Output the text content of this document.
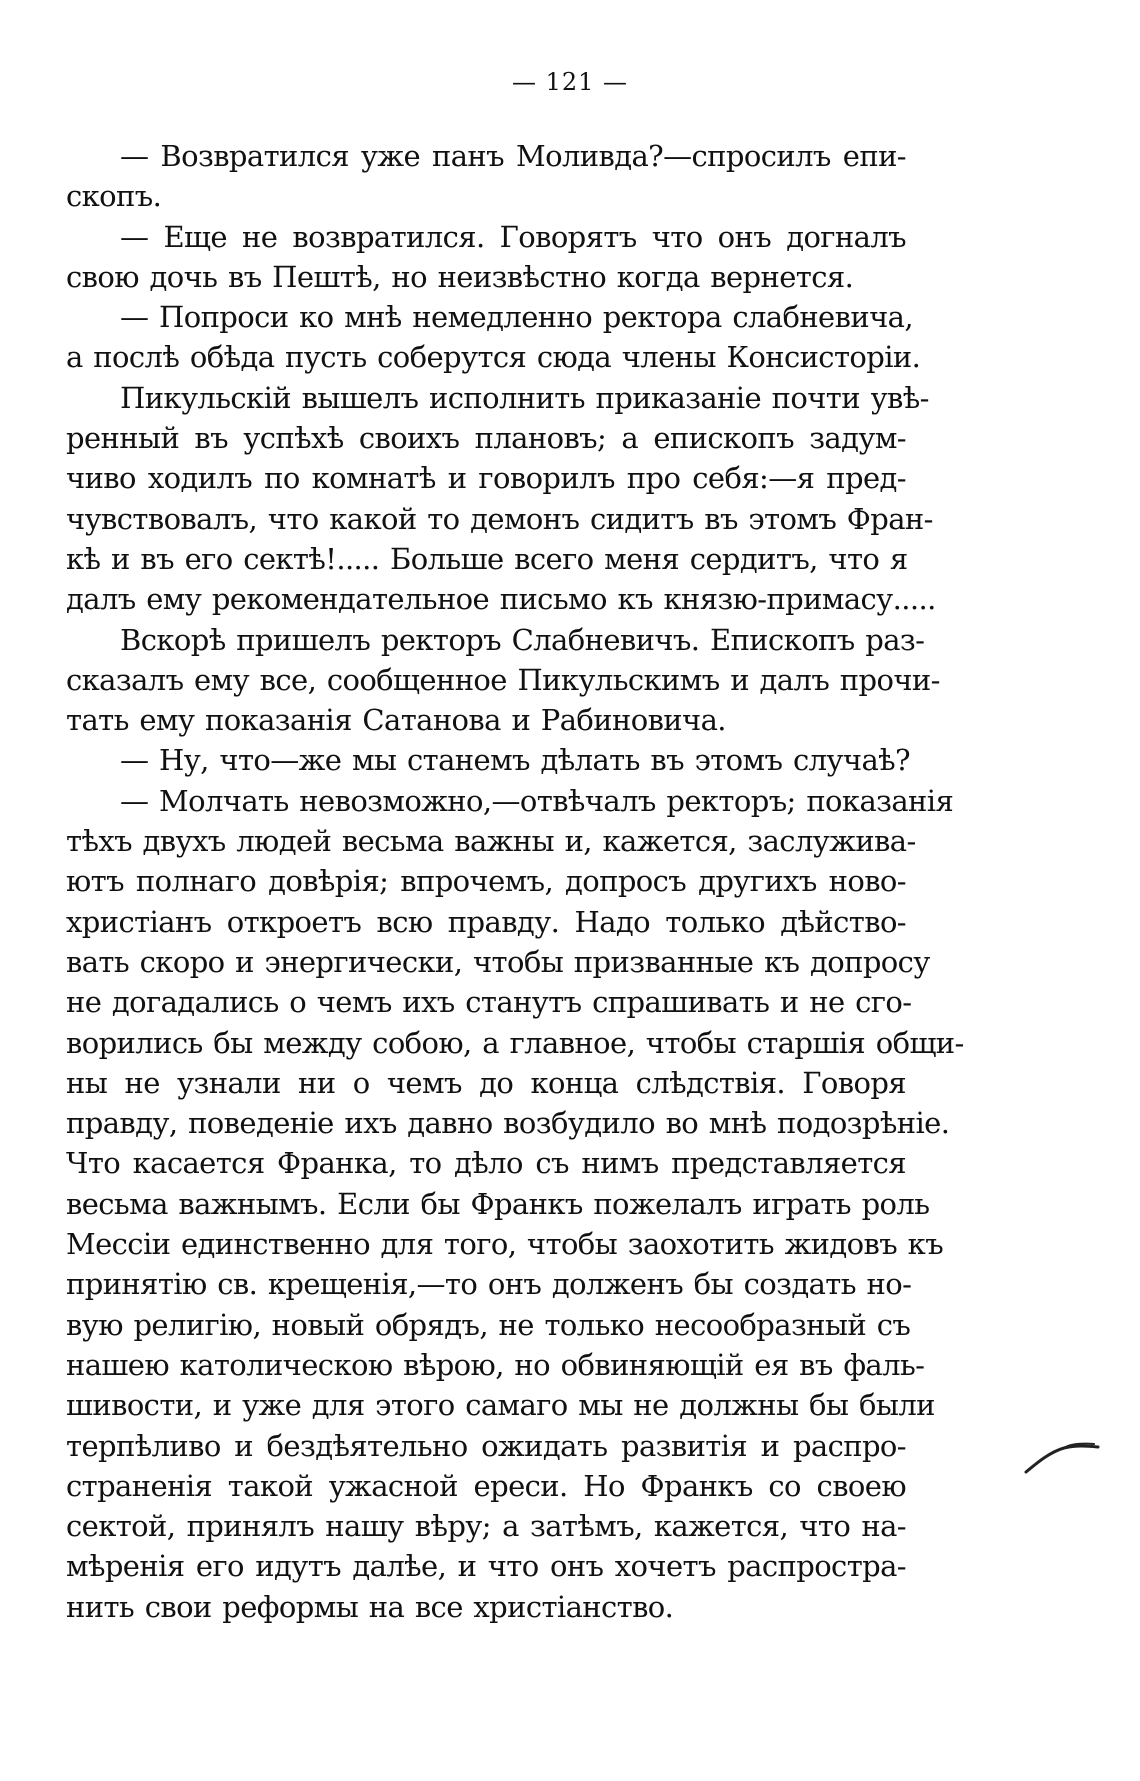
— 121 —
— Возвратился уже панъ Моливда?—спросилъ епи-
скопъ.
— Еще не возвратился. Говорятъ что онъ догналъ
свою дочь въ Пештѣ, но неизвѣстно когда вернется.
— Попроси ко мнѣ немедленно ректора слабневича,
а послѣ обѣда пусть соберутся сюда члены Консисторіи.
Пикульскій вышелъ исполнить приказаніе почти увѣ-
ренный въ успѣхѣ своихъ плановъ; а епископъ задум-
чиво ходилъ по комнатѣ и говорилъ про себя:—я пред-
чувствовалъ, что какой то демонъ сидитъ въ этомъ Фран-
кѣ и въ его сектѣ!..... Больше всего меня сердитъ, что я
далъ ему рекомендательное письмо къ князю-примасу.....
Вскорѣ пришелъ ректоръ Слабневичъ. Епископъ раз-
сказалъ ему все, сообщенное Пикульскимъ и далъ прочи-
тать ему показанія Сатанова и Рабиновича.
— Ну, что—же мы станемъ дѣлать въ этомъ случаѣ?
— Молчать невозможно,—отвѣчалъ ректоръ; показанія
тѣхъ двухъ людей весьма важны и, кажется, заслужива-
ютъ полнаго довѣрія; впрочемъ, допросъ другихъ ново-
христіанъ откроетъ всю правду. Надо только дѣйство-
вать скоро и энергически, чтобы призванные къ допросу
не догадались о чемъ ихъ станутъ спрашивать и не сго-
ворились бы между собою, а главное, чтобы старшія общи-
ны не узнали ни о чемъ до конца слѣдствія. Говоря
правду, поведеніе ихъ давно возбудило во мнѣ подозрѣніе.
Что касается Франка, то дѣло съ нимъ представляется
весьма важнымъ. Если бы Франкъ пожелалъ играть роль
Мессіи единственно для того, чтобы заохотить жидовъ къ
принятію св. крещенія,—то онъ долженъ бы создать но-
вую религію, новый обрядъ, не только несообразный съ
нашею католическою вѣрою, но обвиняющій ея въ фаль-
шивости, и уже для этого самаго мы не должны бы были
терпѣливо и бездѣятельно ожидать развитія и распро-
страненія такой ужасной ереси. Но Франкъ со своею
сектой, принялъ нашу вѣру; а затѣмъ, кажется, что на-
мѣренія его идутъ далѣе, и что онъ хочетъ распростра-
нить свои реформы на все христіанство.
